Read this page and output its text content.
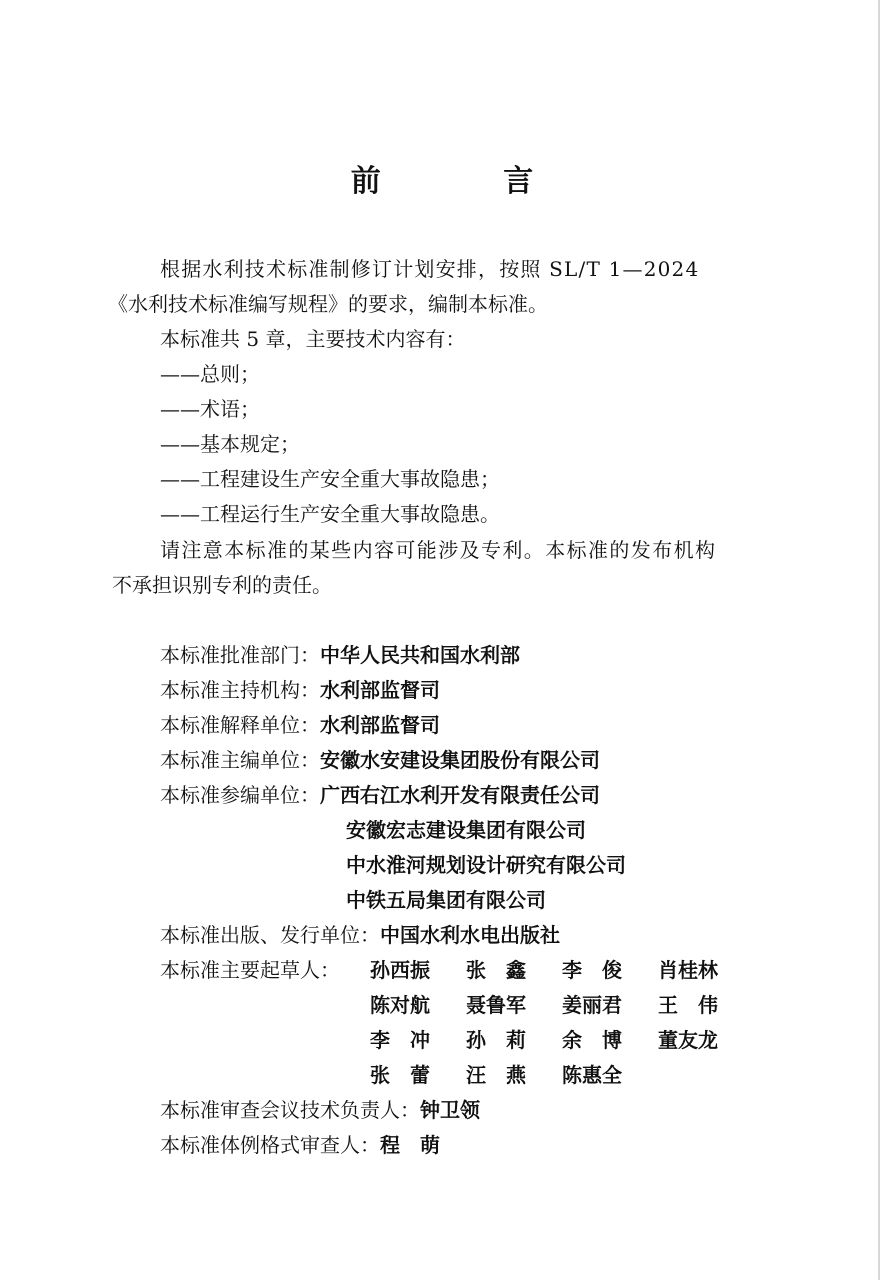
前 言
根据水利技术标准制修订计划安排，按照 SL/T 1—2024
《水利技术标准编写规程》的要求，编制本标准。
本标准共 5 章，主要技术内容有：
——总则；
——术语；
——基本规定；
——工程建设生产安全重大事故隐患；
——工程运行生产安全重大事故隐患。
请注意本标准的某些内容可能涉及专利。本标准的发布机构
不承担识别专利的责任。
本标准批准部门：中华人民共和国水利部
本标准主持机构：水利部监督司
本标准解释单位：水利部监督司
本标准主编单位：安徽水安建设集团股份有限公司
本标准参编单位：广西右江水利开发有限责任公司
安徽宏志建设集团有限公司
中水淮河规划设计研究有限公司
中铁五局集团有限公司
本标准出版、发行单位：中国水利水电出版社
本标准主要起草人： 孙西振 张　鑫 李　俊 肖桂林
陈对航 聂鲁军 姜丽君 王　伟
李　冲 孙　莉 余　博 董友龙
张　蕾 汪　燕 陈惠全
本标准审查会议技术负责人：钟卫领
本标准体例格式审查人：程　萌
